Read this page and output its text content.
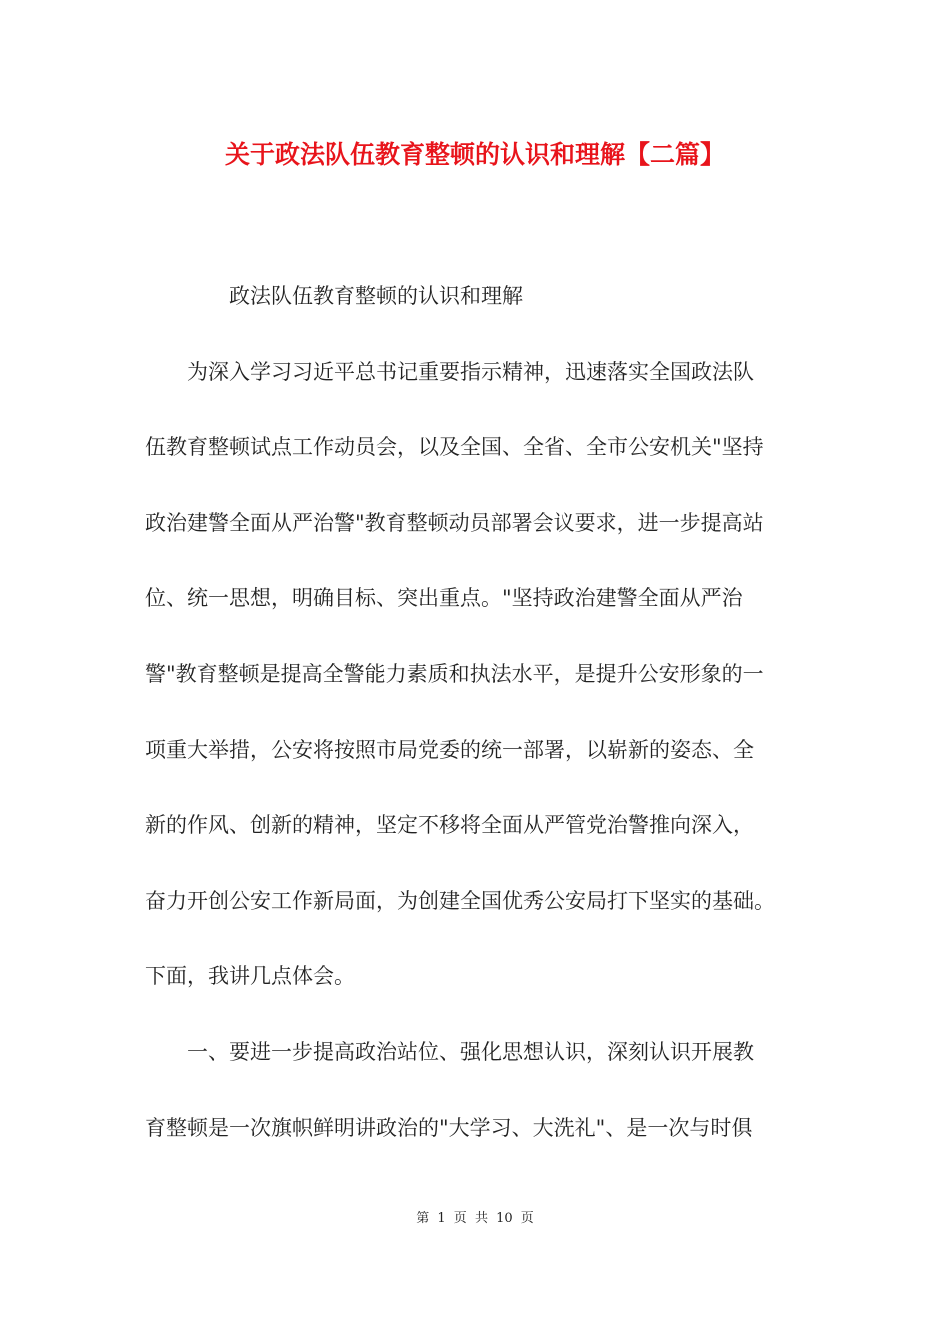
关于政法队伍教育整顿的认识和理解【二篇】
　　　　政法队伍教育整顿的认识和理解
　　为深入学习习近平总书记重要指示精神，迅速落实全国政法队
伍教育整顿试点工作动员会，以及全国、全省、全市公安机关"坚持
政治建警全面从严治警"教育整顿动员部署会议要求，进一步提高站
位、统一思想，明确目标、突出重点。"坚持政治建警全面从严治
警"教育整顿是提高全警能力素质和执法水平，是提升公安形象的一
项重大举措，公安将按照市局党委的统一部署，以崭新的姿态、全
新的作风、创新的精神，坚定不移将全面从严管党治警推向深入，
奋力开创公安工作新局面，为创建全国优秀公安局打下坚实的基础。
下面，我讲几点体会。
　　一、要进一步提高政治站位、强化思想认识，深刻认识开展教
育整顿是一次旗帜鲜明讲政治的"大学习、大洗礼"、是一次与时俱
第 1 页 共 10 页
